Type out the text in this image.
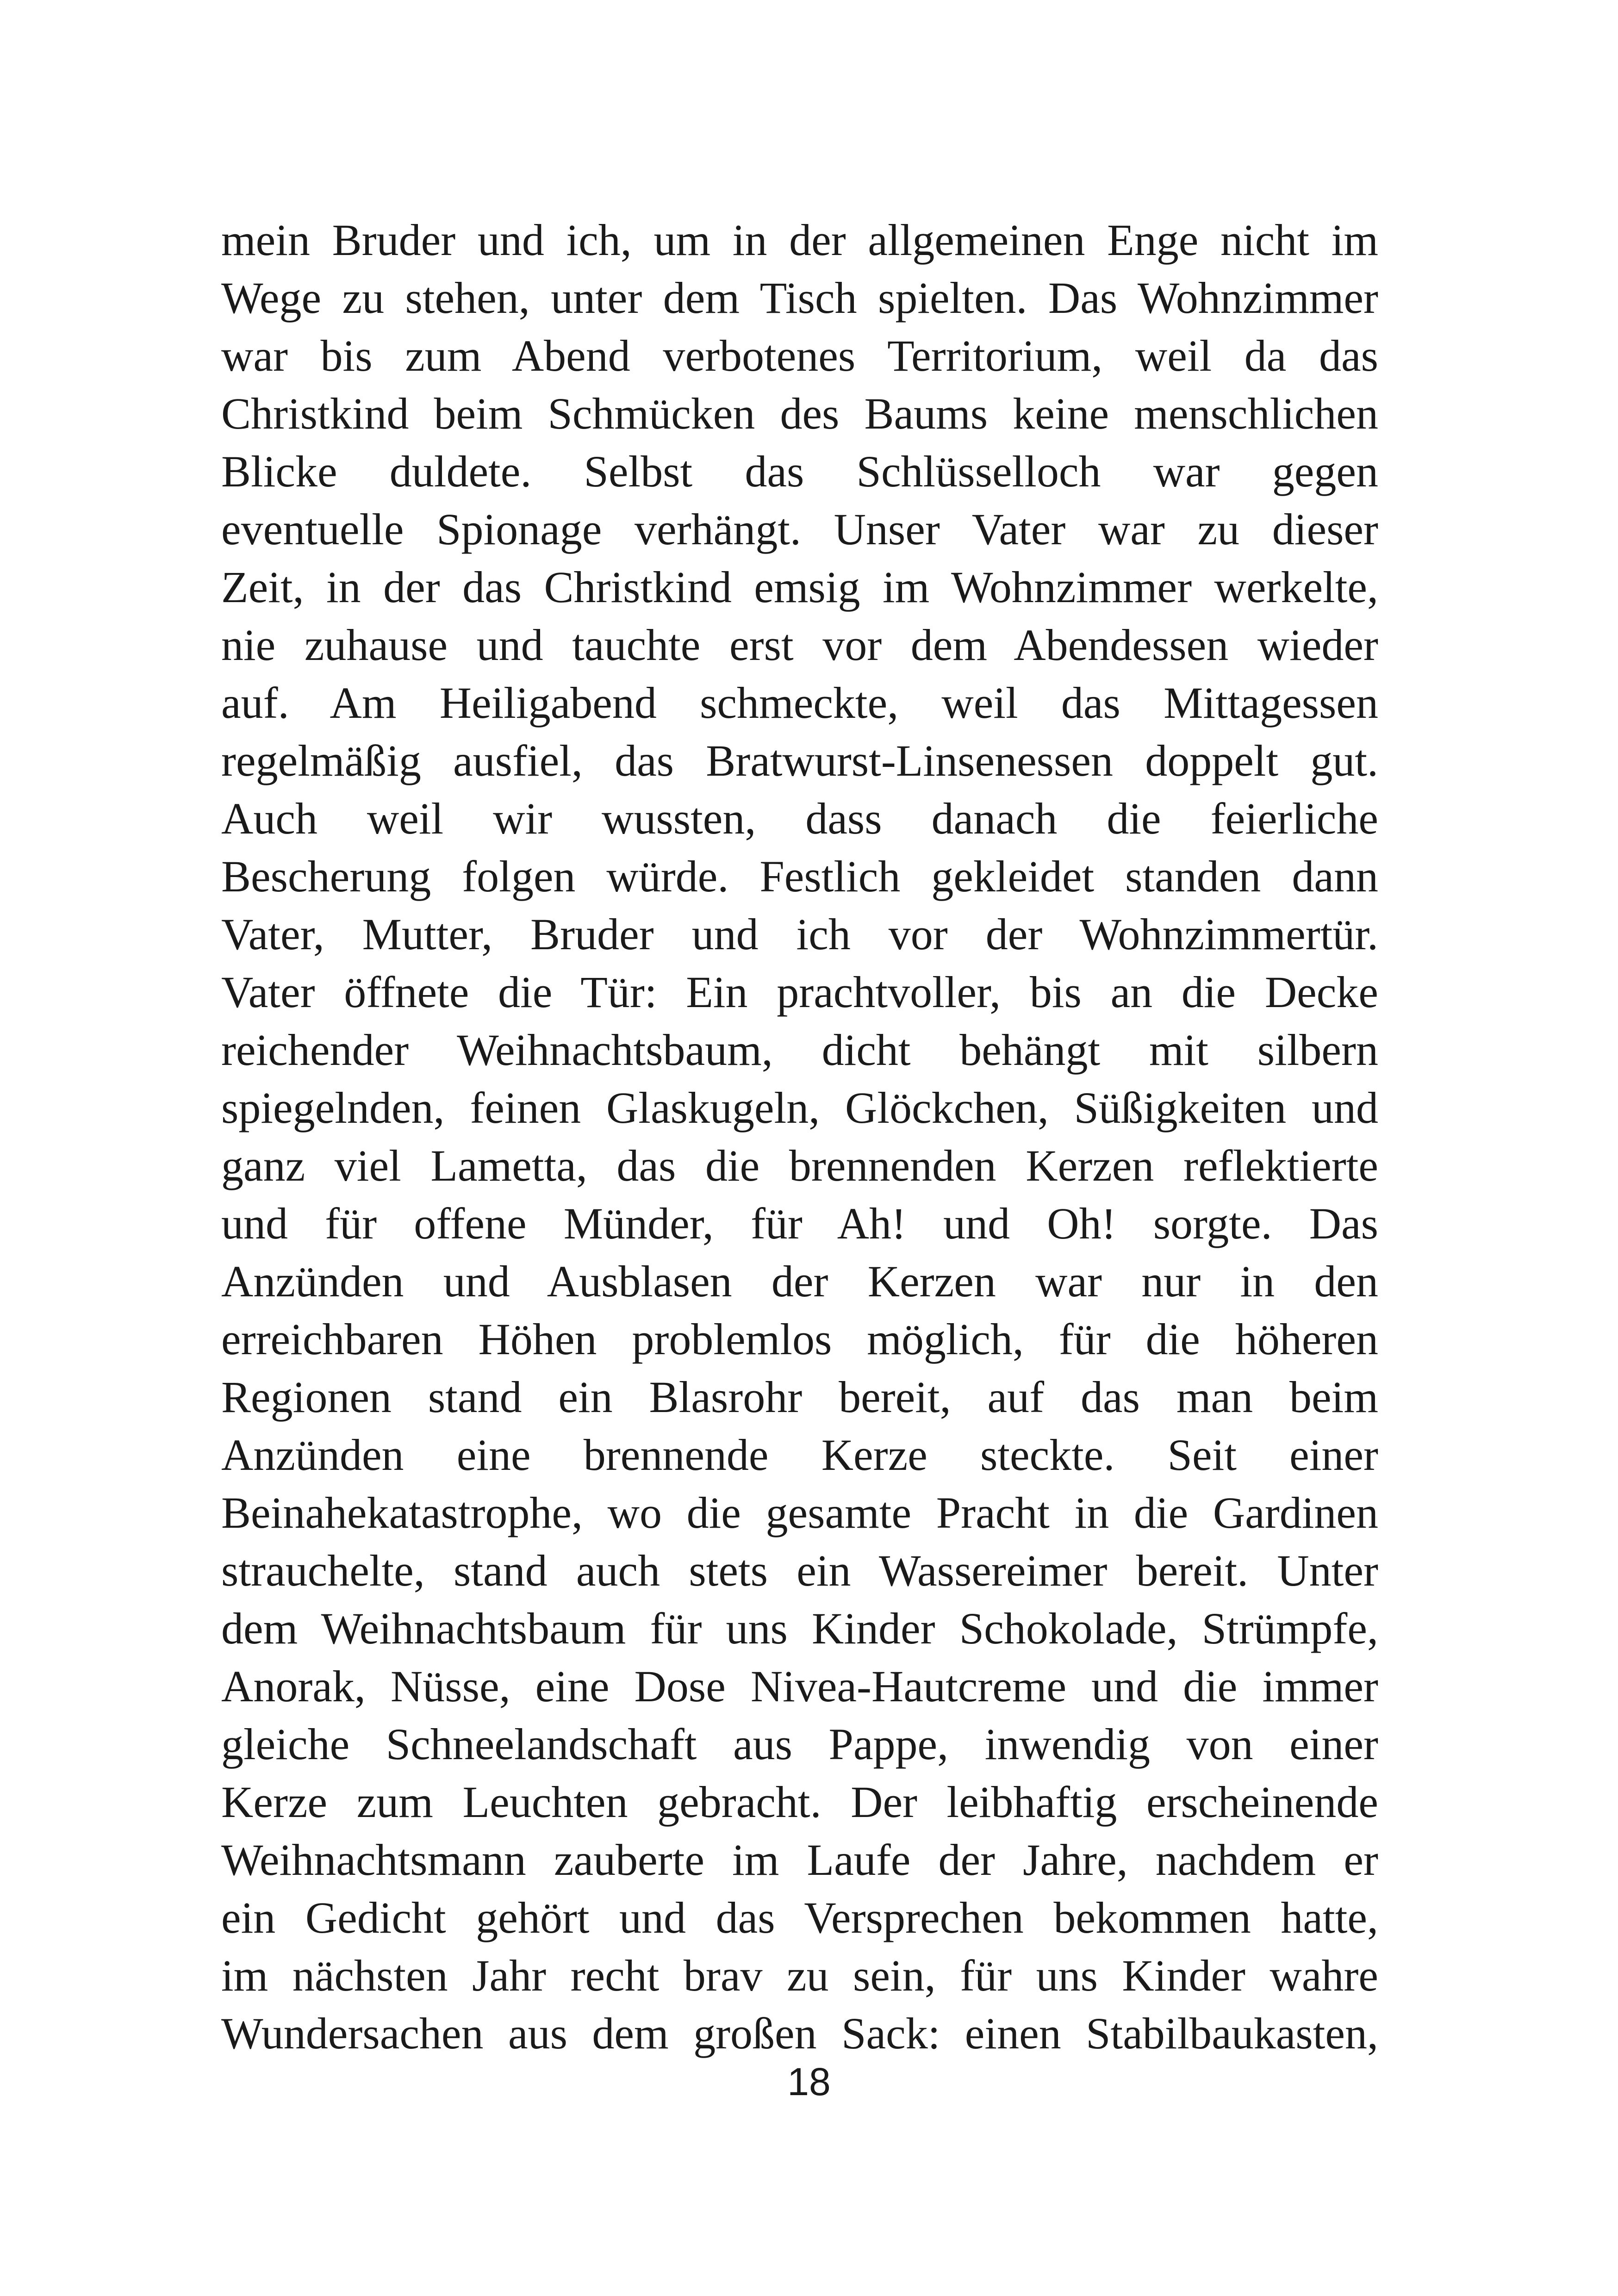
mein Bruder und ich, um in der allgemeinen Enge nicht im
Wege zu stehen, unter dem Tisch spielten. Das Wohnzimmer
war bis zum Abend verbotenes Territorium, weil da das
Christkind beim Schmücken des Baums keine menschlichen
Blicke duldete. Selbst das Schlüsselloch war gegen
eventuelle Spionage verhängt. Unser Vater war zu dieser
Zeit, in der das Christkind emsig im Wohnzimmer werkelte,
nie zuhause und tauchte erst vor dem Abendessen wieder
auf. Am Heiligabend schmeckte, weil das Mittagessen
regelmäßig ausfiel, das Bratwurst-Linsenessen doppelt gut.
Auch weil wir wussten, dass danach die feierliche
Bescherung folgen würde. Festlich gekleidet standen dann
Vater, Mutter, Bruder und ich vor der Wohnzimmertür.
Vater öffnete die Tür: Ein prachtvoller, bis an die Decke
reichender Weihnachtsbaum, dicht behängt mit silbern
spiegelnden, feinen Glaskugeln, Glöckchen, Süßigkeiten und
ganz viel Lametta, das die brennenden Kerzen reflektierte
und für offene Münder, für Ah! und Oh! sorgte. Das
Anzünden und Ausblasen der Kerzen war nur in den
erreichbaren Höhen problemlos möglich, für die höheren
Regionen stand ein Blasrohr bereit, auf das man beim
Anzünden eine brennende Kerze steckte. Seit einer
Beinahekatastrophe, wo die gesamte Pracht in die Gardinen
strauchelte, stand auch stets ein Wassereimer bereit. Unter
dem Weihnachtsbaum für uns Kinder Schokolade, Strümpfe,
Anorak, Nüsse, eine Dose Nivea-Hautcreme und die immer
gleiche Schneelandschaft aus Pappe, inwendig von einer
Kerze zum Leuchten gebracht. Der leibhaftig erscheinende
Weihnachtsmann zauberte im Laufe der Jahre, nachdem er
ein Gedicht gehört und das Versprechen bekommen hatte,
im nächsten Jahr recht brav zu sein, für uns Kinder wahre
Wundersachen aus dem großen Sack: einen Stabilbaukasten,
18
